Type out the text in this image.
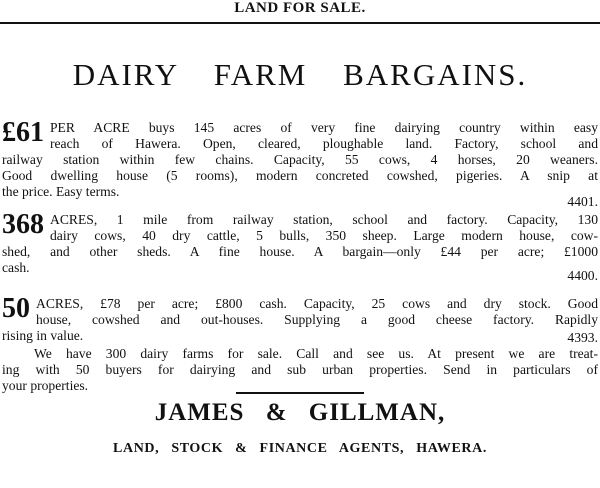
LAND FOR SALE.
DAIRY FARM BARGAINS.
£61 PER ACRE buys 145 acres of very fine dairying country within easy
reach of Hawera. Open, cleared, ploughable land. Factory, school and
railway station within few chains. Capacity, 55 cows, 4 horses, 20 weaners.
Good dwelling house (5 rooms), modern concreted cowshed, pigeries. A snip at
the price. Easy terms.
4401.
368 ACRES, 1 mile from railway station, school and factory. Capacity, 130
dairy cows, 40 dry cattle, 5 bulls, 350 sheep. Large modern house, cow-
shed, and other sheds. A fine house. A bargain—only £44 per acre; £1000
cash.
4400.
50 ACRES, £78 per acre; £800 cash. Capacity, 25 cows and dry stock. Good
house, cowshed and out-houses. Supplying a good cheese factory. Rapidly
rising in value.	4393.
We have 300 dairy farms for sale. Call and see us. At present we are treat-
ing with 50 buyers for dairying and sub urban properties. Send in particulars of
your properties.
JAMES & GILLMAN,
LAND, STOCK & FINANCE AGENTS, HAWERA.
